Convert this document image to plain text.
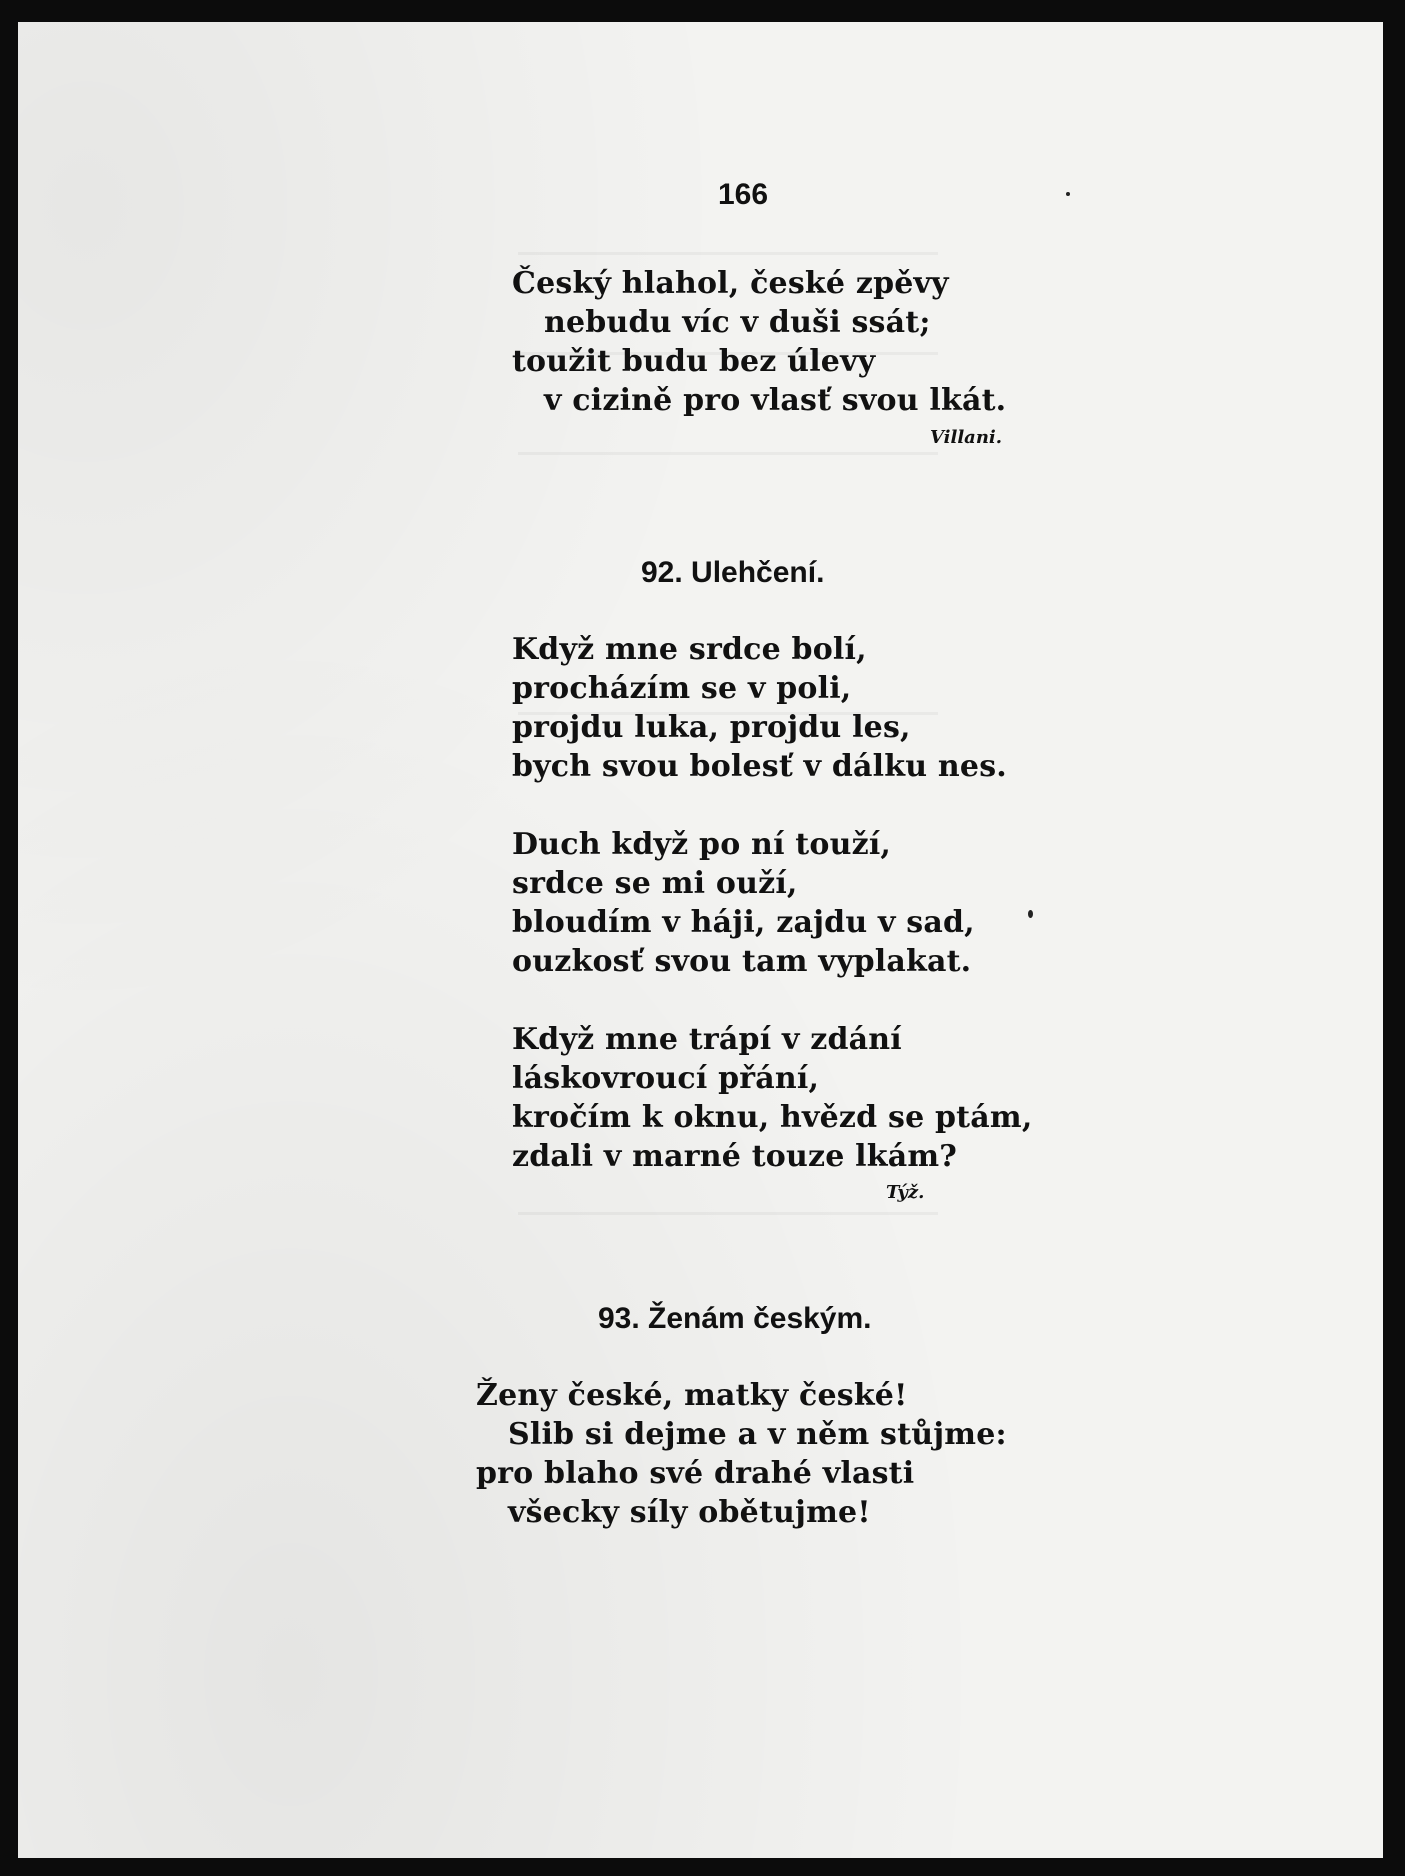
166
Český hlahol, české zpěvy
nebudu víc v duši ssát;
toužit budu bez úlevy
v cizině pro vlasť svou lkát.
Villani.
92. Ulehčení.
Když mne srdce bolí,
procházím se v poli,
projdu luka, projdu les,
bych svou bolesť v dálku nes.
Duch když po ní touží,
srdce se mi ouží,
bloudím v háji, zajdu v sad,
ouzkosť svou tam vyplakat.
Když mne trápí v zdání
láskovroucí přání,
kročím k oknu, hvězd se ptám,
zdali v marné touze lkám?
Týž.
93. Ženám českým.
Ženy české, matky české!
Slib si dejme a v něm stůjme:
pro blaho své drahé vlasti
všecky síly obětujme!
